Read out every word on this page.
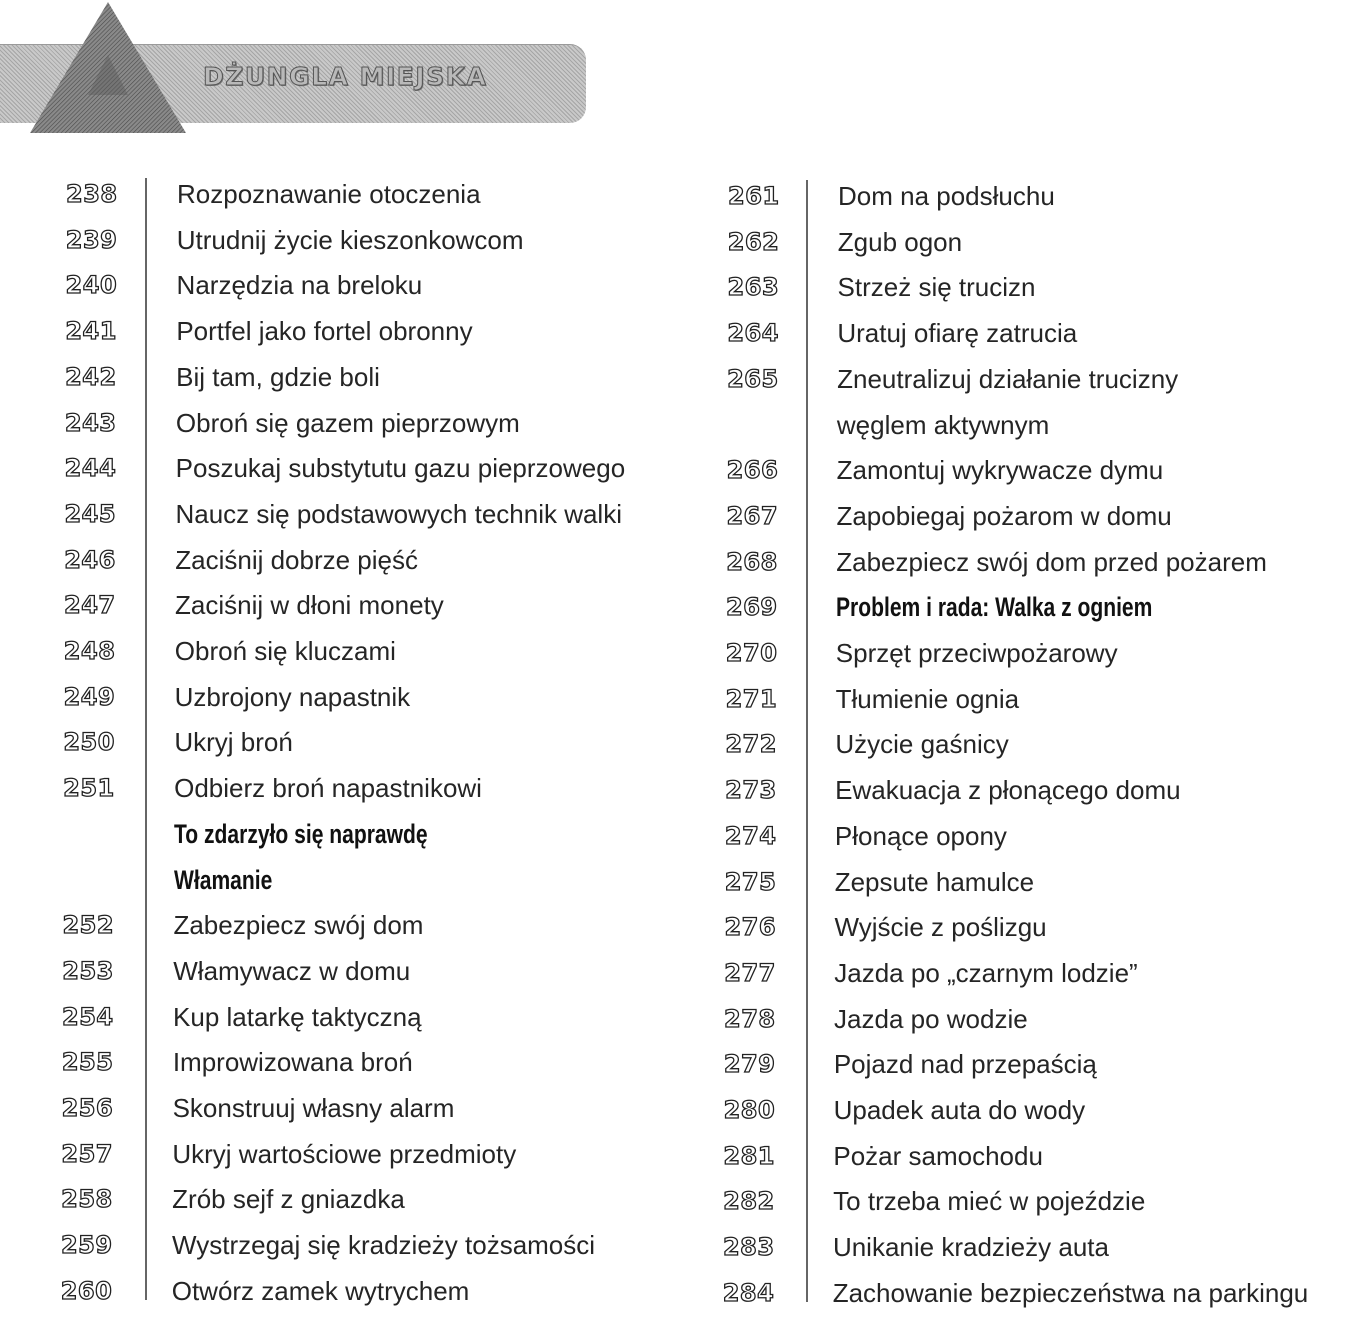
DŻUNGLA MIEJSKA
238 Rozpoznawanie otoczenia
239 Utrudnij życie kieszonkowcom
240 Narzędzia na breloku
241 Portfel jako fortel obronny
242 Bij tam, gdzie boli
243 Obroń się gazem pieprzowym
244 Poszukaj substytutu gazu pieprzowego
245 Naucz się podstawowych technik walki
246 Zaciśnij dobrze pięść
247 Zaciśnij w dłoni monety
248 Obroń się kluczami
249 Uzbrojony napastnik
250 Ukryj broń
251 Odbierz broń napastnikowi
To zdarzyło się naprawdę
Włamanie
252 Zabezpiecz swój dom
253 Włamywacz w domu
254 Kup latarkę taktyczną
255 Improwizowana broń
256 Skonstruuj własny alarm
257 Ukryj wartościowe przedmioty
258 Zrób sejf z gniazdka
259 Wystrzegaj się kradzieży tożsamości
260 Otwórz zamek wytrychem
261 Dom na podsłuchu
262 Zgub ogon
263 Strzeż się trucizn
264 Uratuj ofiarę zatrucia
265 Zneutralizuj działanie trucizny
węglem aktywnym
266 Zamontuj wykrywacze dymu
267 Zapobiegaj pożarom w domu
268 Zabezpiecz swój dom przed pożarem
269 Problem i rada: Walka z ogniem
270 Sprzęt przeciwpożarowy
271 Tłumienie ognia
272 Użycie gaśnicy
273 Ewakuacja z płonącego domu
274 Płonące opony
275 Zepsute hamulce
276 Wyjście z poślizgu
277 Jazda po „czarnym lodzie”
278 Jazda po wodzie
279 Pojazd nad przepaścią
280 Upadek auta do wody
281 Pożar samochodu
282 To trzeba mieć w pojeździe
283 Unikanie kradzieży auta
284 Zachowanie bezpieczeństwa na parkingu
